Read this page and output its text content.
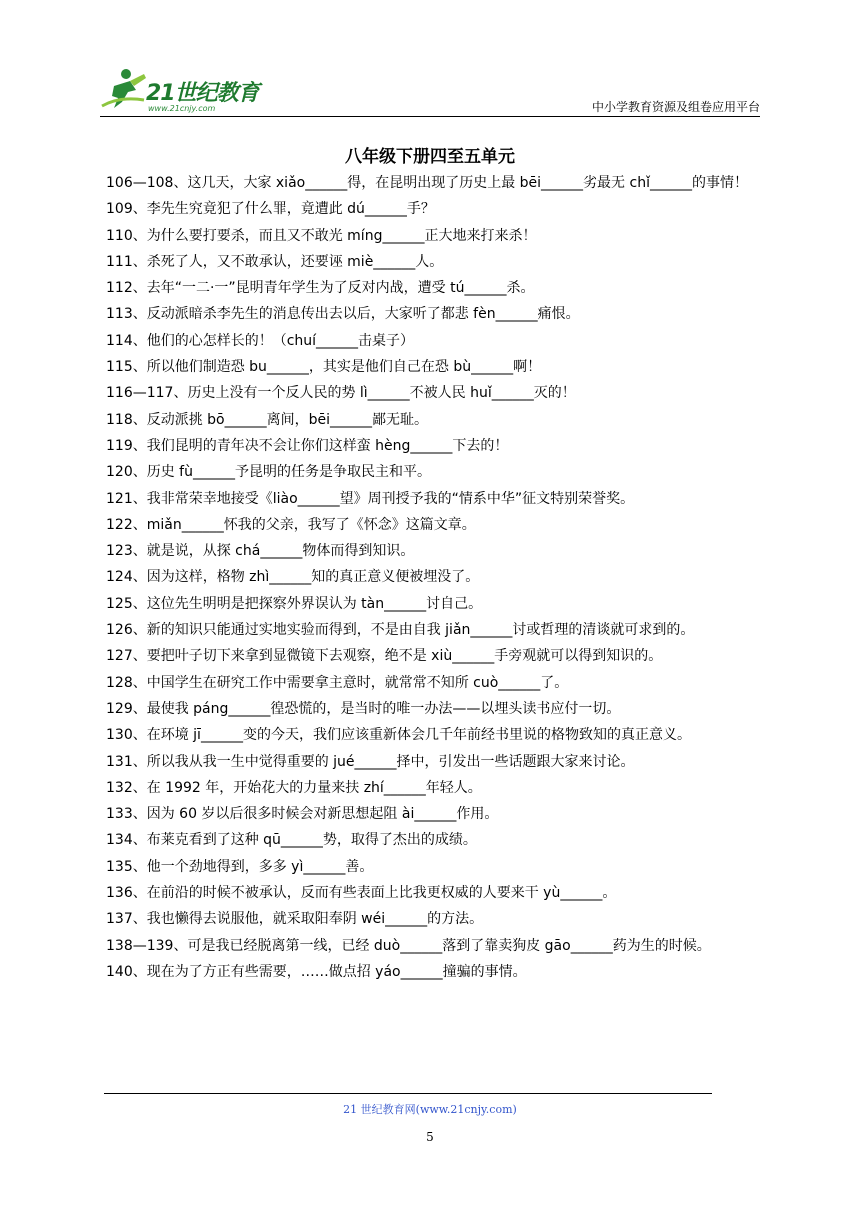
21世纪教育
www.21cnjy.com	中小学教育资源及组卷应用平台
八年级下册四至五单元
106—108、这几天，大家 xiǎo______得，在昆明出现了历史上最 bēi______劣最无 chǐ______的事情！
109、李先生究竟犯了什么罪，竟遭此 dú______手？
110、为什么要打要杀，而且又不敢光 míng______正大地来打来杀！
111、杀死了人，又不敢承认，还要诬 miè______人。
112、去年“一二·一”昆明青年学生为了反对内战，遭受 tú______杀。
113、反动派暗杀李先生的消息传出去以后，大家听了都悲 fèn______痛恨。
114、他们的心怎样长的！（chuí______击桌子）
115、所以他们制造恐 bu______，其实是他们自己在恐 bù______啊！
116—117、历史上没有一个反人民的势 lì______不被人民 huǐ______灭的！
118、反动派挑 bō______离间，bēi______鄙无耻。
119、我们昆明的青年决不会让你们这样蛮 hèng______下去的！
120、历史 fù______予昆明的任务是争取民主和平。
121、我非常荣幸地接受《liào______望》周刊授予我的“情系中华”征文特别荣誉奖。
122、miǎn______怀我的父亲，我写了《怀念》这篇文章。
123、就是说，从探 chá______物体而得到知识。
124、因为这样，格物 zhì______知的真正意义便被埋没了。
125、这位先生明明是把探察外界误认为 tàn______讨自己。
126、新的知识只能通过实地实验而得到，不是由自我 jiǎn______讨或哲理的清谈就可求到的。
127、要把叶子切下来拿到显微镜下去观察，绝不是 xiù______手旁观就可以得到知识的。
128、中国学生在研究工作中需要拿主意时，就常常不知所 cuò______了。
129、最使我 páng______徨恐慌的，是当时的唯一办法——以埋头读书应付一切。
130、在环境 jī______变的今天，我们应该重新体会几千年前经书里说的格物致知的真正意义。
131、所以我从我一生中觉得重要的 jué______择中，引发出一些话题跟大家来讨论。
132、在 1992 年，开始花大的力量来扶 zhí______年轻人。
133、因为 60 岁以后很多时候会对新思想起阻 ài______作用。
134、布莱克看到了这种 qū______势，取得了杰出的成绩。
135、他一个劲地得到，多多 yì______善。
136、在前沿的时候不被承认，反而有些表面上比我更权威的人要来干 yù______。
137、我也懒得去说服他，就采取阳奉阴 wéi______的方法。
138—139、可是我已经脱离第一线，已经 duò______落到了靠卖狗皮 gāo______药为生的时候。
140、现在为了方正有些需要，……做点招 yáo______撞骗的事情。
21 世纪教育网(www.21cnjy.com)
5
